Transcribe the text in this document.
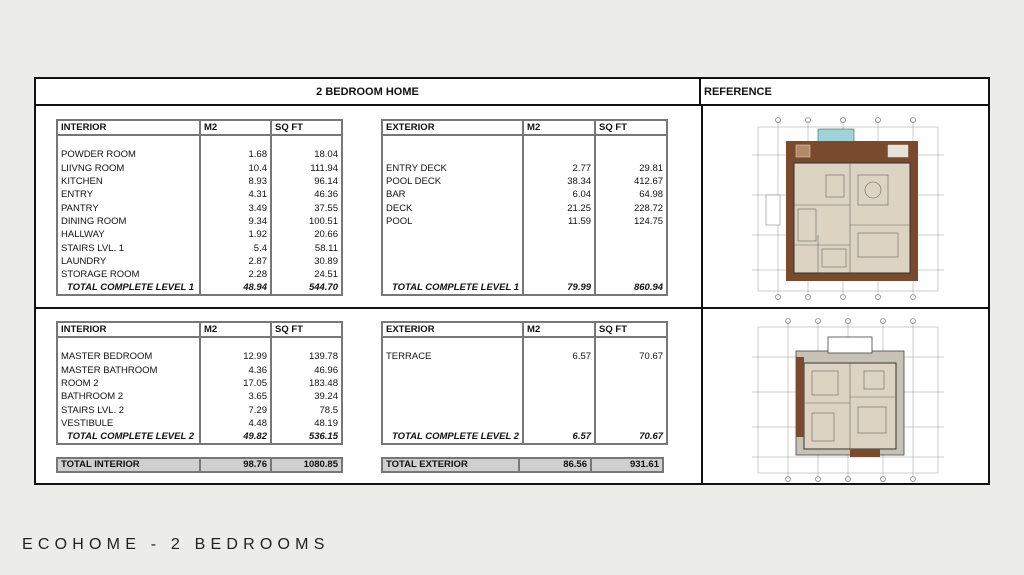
2 BEDROOM HOME	REFERENCE
INTERIOR	M2	SQ FT

POWDER ROOM	1.68	18.04
LIIVNG ROOM	10.4	111.94
KITCHEN	8.93	96.14
ENTRY	4.31	46.36
PANTRY	3.49	37.55
DINING ROOM	9.34	100.51
HALLWAY	1.92	20.66
STAIRS LVL. 1	5.4	58.11
LAUNDRY	2.87	30.89
STORAGE ROOM	2.28	24.51
TOTAL COMPLETE LEVEL 1	48.94	544.70
EXTERIOR	M2	SQ FT

ENTRY DECK	2.77	29.81
POOL DECK	38.34	412.67
BAR	6.04	64.98
DECK	21.25	228.72
POOL	11.59	124.75

TOTAL COMPLETE LEVEL 1	79.99	860.94
INTERIOR	M2	SQ FT

MASTER BEDROOM	12.99	139.78
MASTER BATHROOM	4.36	46.96
ROOM 2	17.05	183.48
BATHROOM 2	3.65	39.24
STAIRS LVL. 2	7.29	78.5
VESTIBULE	4.48	48.19
TOTAL COMPLETE LEVEL 2	49.82	536.15
EXTERIOR	M2	SQ FT

TERRACE	6.57	70.67

TOTAL COMPLETE LEVEL 2	6.57	70.67
TOTAL INTERIOR	98.76	1080.85	TOTAL EXTERIOR	86.56	931.61
ECOHOME - 2 BEDROOMS
